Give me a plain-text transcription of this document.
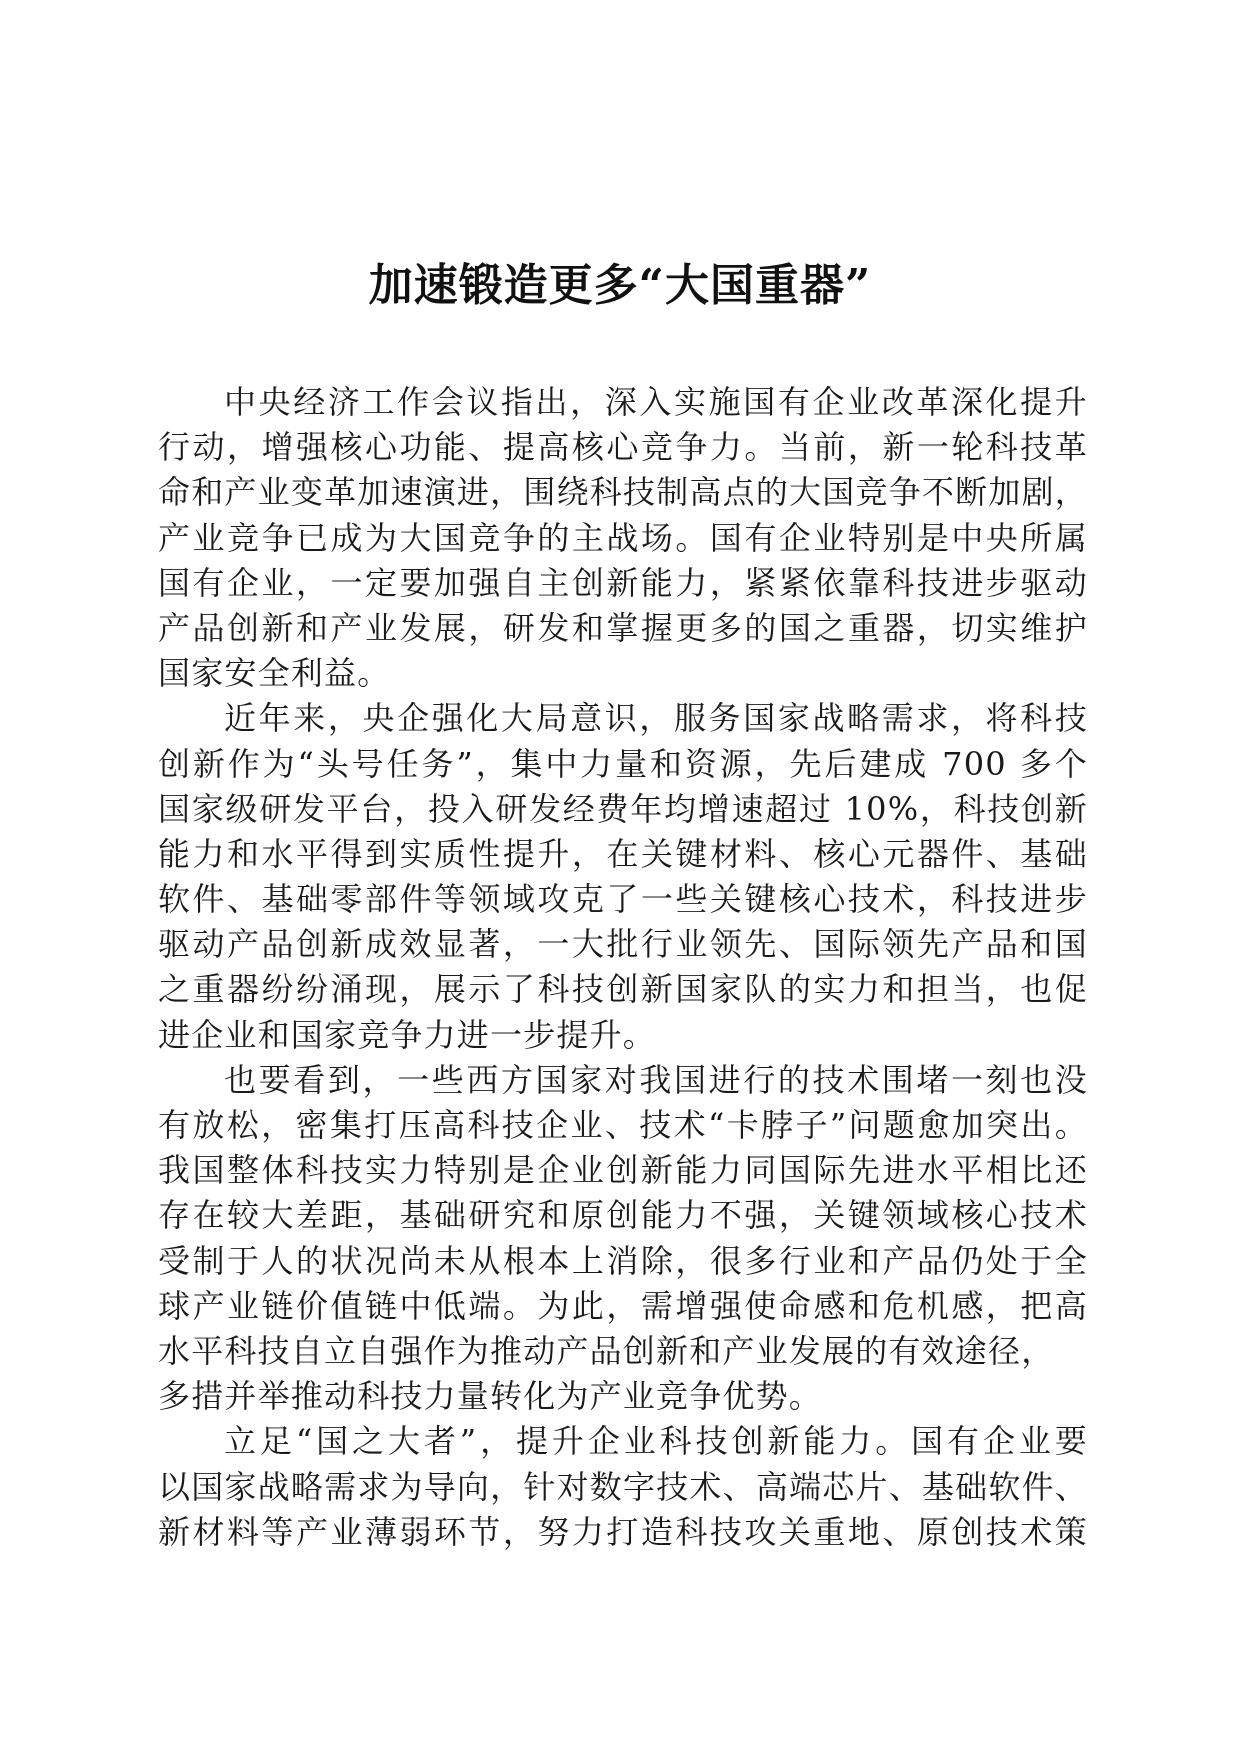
加速锻造更多“大国重器”
中央经济工作会议指出，深入实施国有企业改革深化提升
行动，增强核心功能、提高核心竞争力。当前，新一轮科技革
命和产业变革加速演进，围绕科技制高点的大国竞争不断加剧，
产业竞争已成为大国竞争的主战场。国有企业特别是中央所属
国有企业，一定要加强自主创新能力，紧紧依靠科技进步驱动
产品创新和产业发展，研发和掌握更多的国之重器，切实维护
国家安全利益。
近年来，央企强化大局意识，服务国家战略需求，将科技
创新作为“头号任务”，集中力量和资源，先后建成 700 多个
国家级研发平台，投入研发经费年均增速超过 10%，科技创新
能力和水平得到实质性提升，在关键材料、核心元器件、基础
软件、基础零部件等领域攻克了一些关键核心技术，科技进步
驱动产品创新成效显著，一大批行业领先、国际领先产品和国
之重器纷纷涌现，展示了科技创新国家队的实力和担当，也促
进企业和国家竞争力进一步提升。
也要看到，一些西方国家对我国进行的技术围堵一刻也没
有放松，密集打压高科技企业、技术“卡脖子”问题愈加突出。
我国整体科技实力特别是企业创新能力同国际先进水平相比还
存在较大差距，基础研究和原创能力不强，关键领域核心技术
受制于人的状况尚未从根本上消除，很多行业和产品仍处于全
球产业链价值链中低端。为此，需增强使命感和危机感，把高
水平科技自立自强作为推动产品创新和产业发展的有效途径，
多措并举推动科技力量转化为产业竞争优势。
立足“国之大者”，提升企业科技创新能力。国有企业要
以国家战略需求为导向，针对数字技术、高端芯片、基础软件、
新材料等产业薄弱环节，努力打造科技攻关重地、原创技术策
